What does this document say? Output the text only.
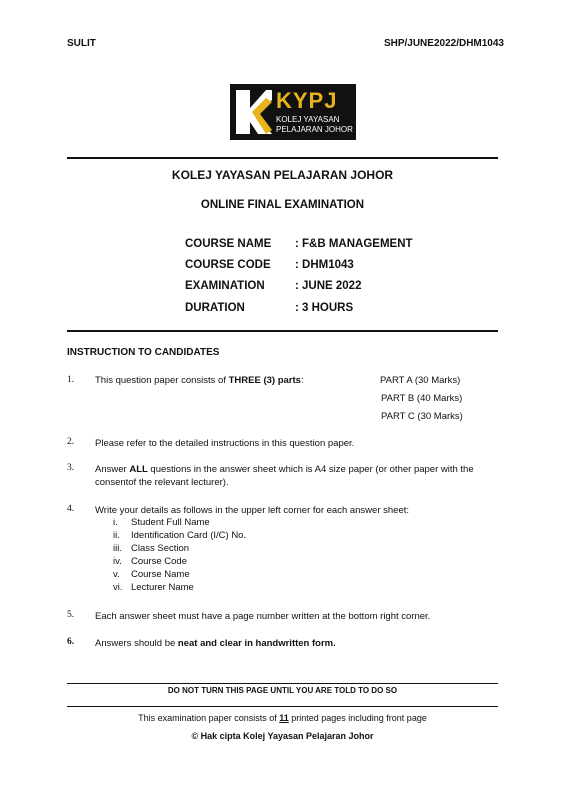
SULIT	SHP/JUNE2022/DHM1043
KYPJ
KOLEJ YAYASAN
PELAJARAN JOHOR
KOLEJ YAYASAN PELAJARAN JOHOR
ONLINE FINAL EXAMINATION
COURSE NAME : F&B MANAGEMENT
COURSE CODE : DHM1043
EXAMINATION	: JUNE 2022
DURATION	: 3 HOURS
INSTRUCTION TO CANDIDATES
1. This question paper consists of THREE (3) parts:	PART A (30 Marks)
PART B (40 Marks)
PART C (30 Marks)
2. Please refer to the detailed instructions in this question paper.
3. Answer ALL questions in the answer sheet which is A4 size paper (or other paper with the consentof the relevant lecturer).
4. Write your details as follows in the upper left corner for each answer sheet:
i. Student Full Name
ii. Identification Card (I/C) No.
iii. Class Section
iv. Course Code
v. Course Name
vi. Lecturer Name
5. Each answer sheet must have a page number written at the bottom right corner.
6. Answers should be neat and clear in handwritten form.
DO NOT TURN THIS PAGE UNTIL YOU ARE TOLD TO DO SO
This examination paper consists of 11 printed pages including front page
© Hak cipta Kolej Yayasan Pelajaran Johor
